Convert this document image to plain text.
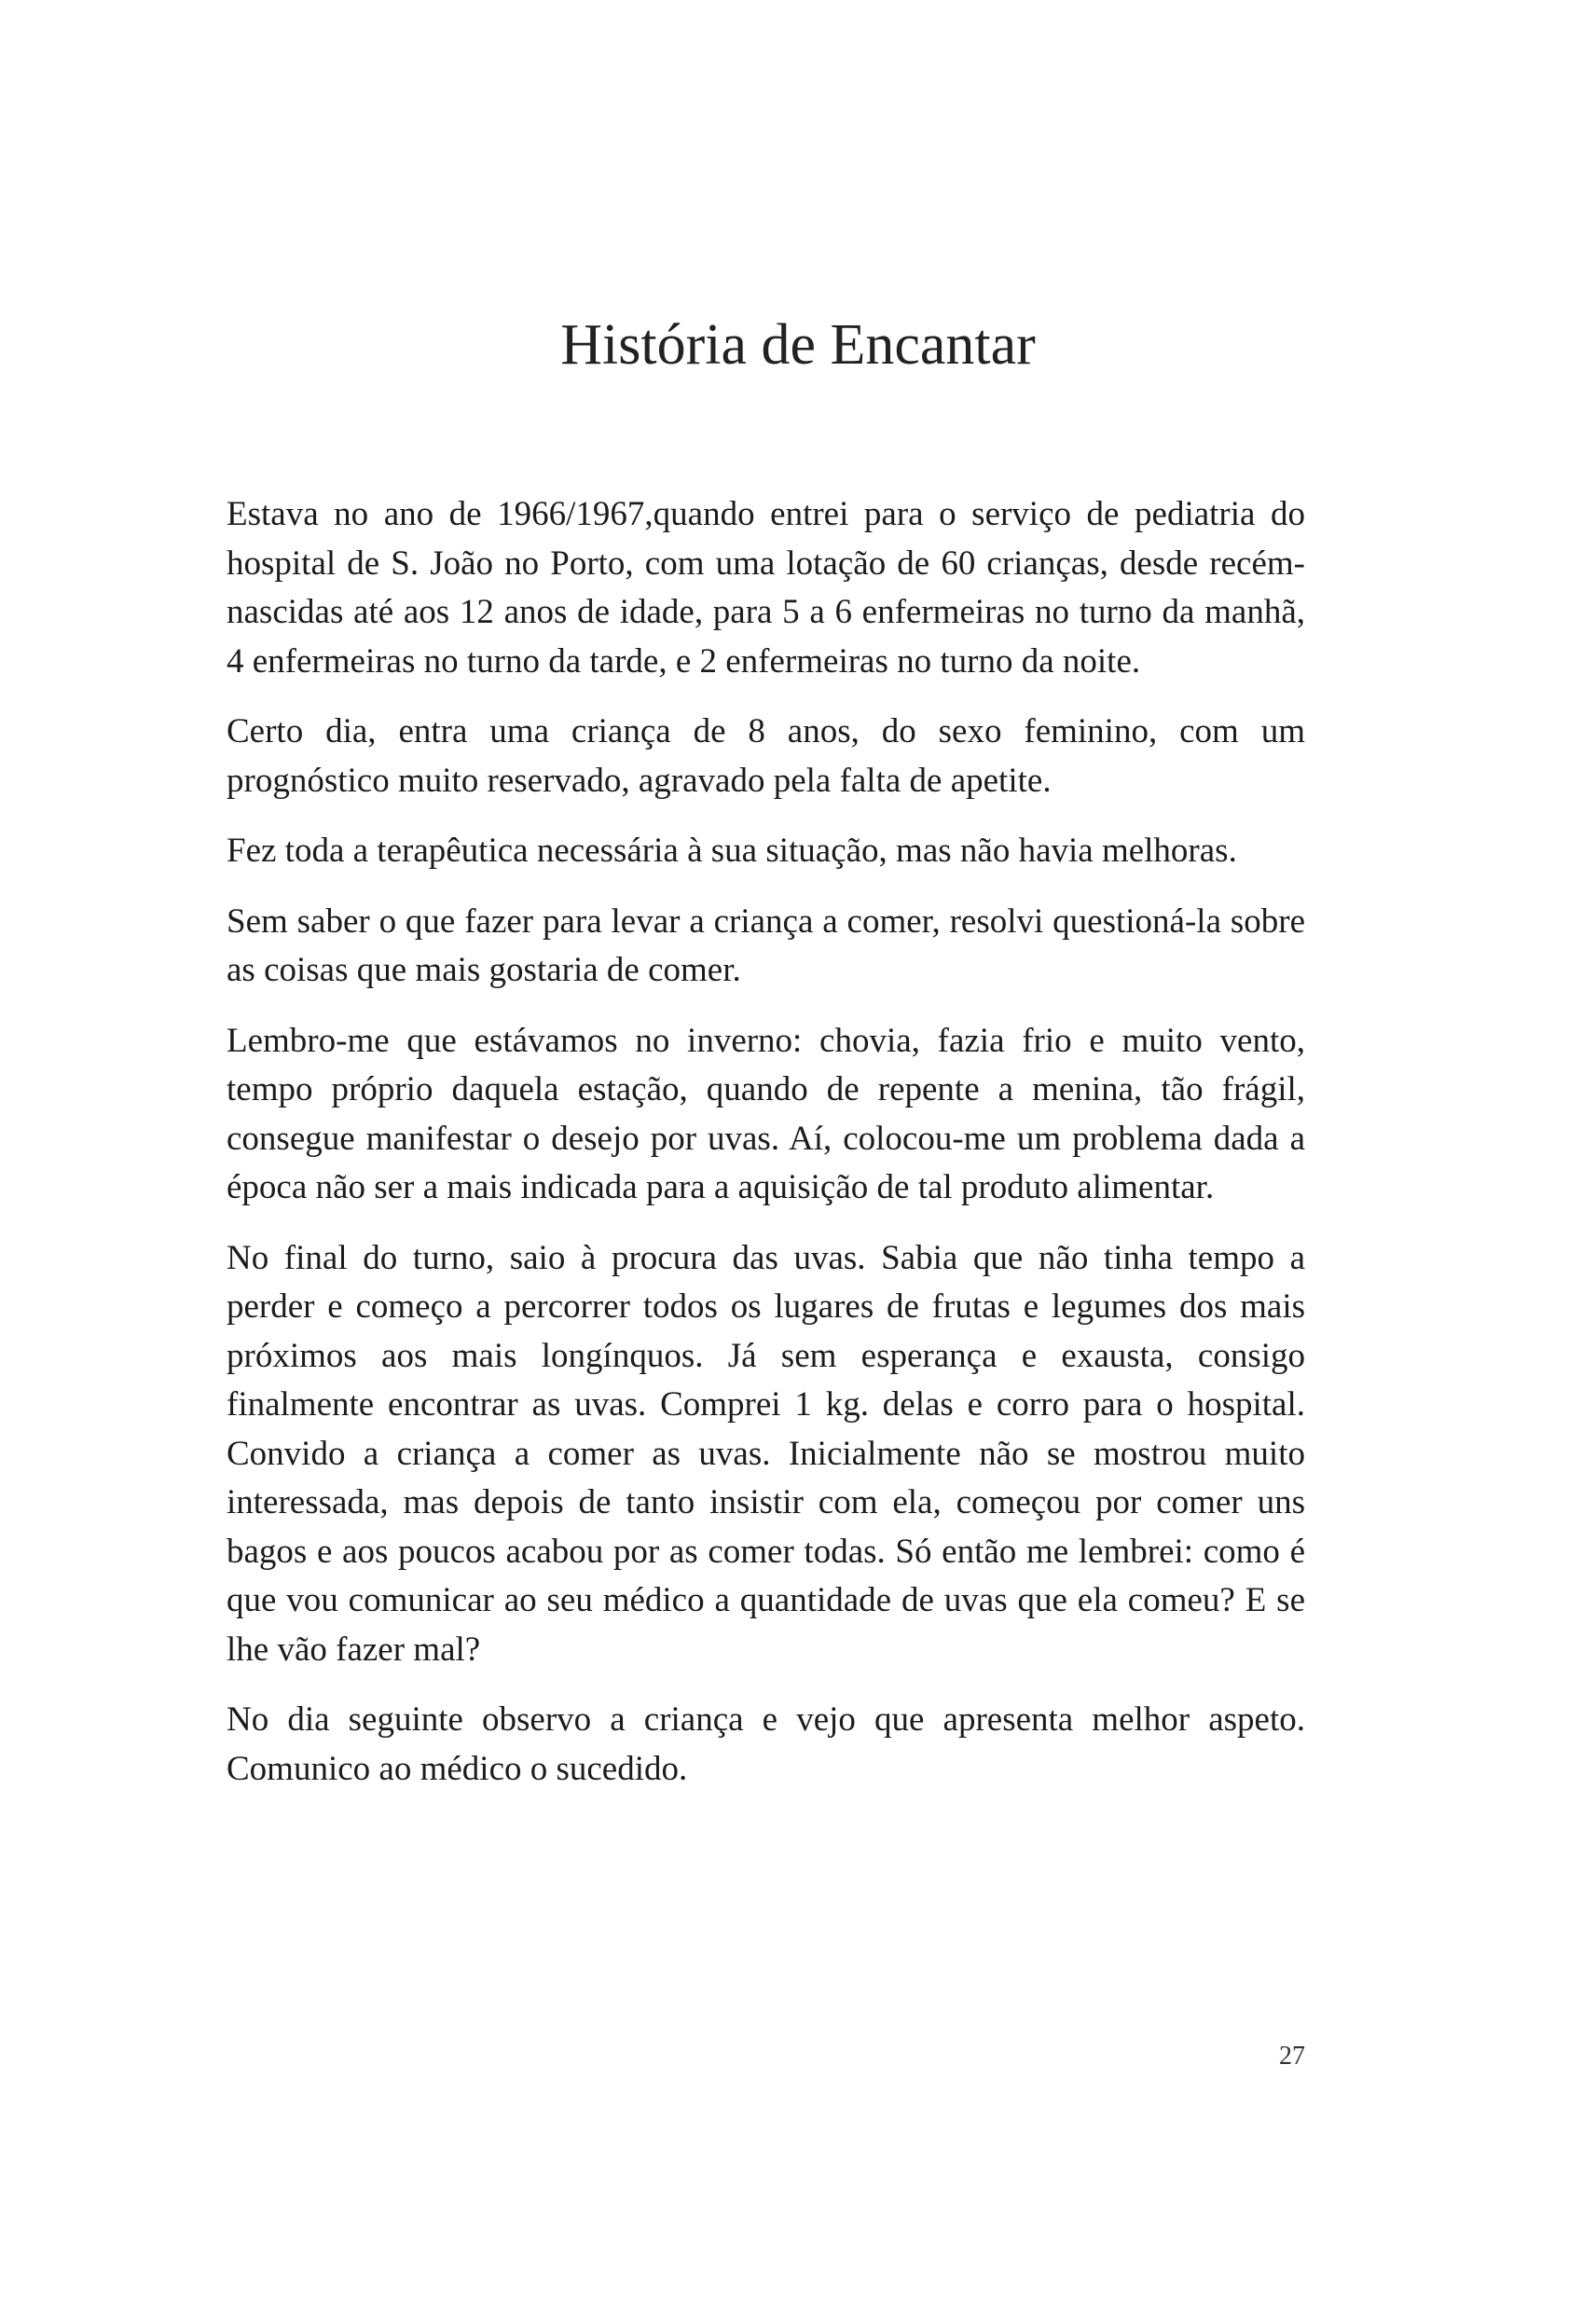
História de Encantar

Estava no ano de 1966/1967,quando entrei para o serviço de pediatria do hospital de S. João no Porto, com uma lotação de 60 crianças, desde recém-nascidas até aos 12 anos de idade, para 5 a 6 enfermeiras no turno da manhã, 4 enfermeiras no turno da tarde, e 2 enfermeiras no turno da noite.

Certo dia, entra uma criança de 8 anos, do sexo feminino, com um prognóstico muito reservado, agravado pela falta de apetite.

Fez toda a terapêutica necessária à sua situação, mas não havia melhoras.

Sem saber o que fazer para levar a criança a comer, resolvi questioná-la sobre as coisas que mais gostaria de comer.

Lembro-me que estávamos no inverno: chovia, fazia frio e muito vento, tempo próprio daquela estação, quando de repente a menina, tão frágil, consegue manifestar o desejo por uvas. Aí, colocou-me um problema dada a época não ser a mais indicada para a aquisição de tal produto alimentar.

No final do turno, saio à procura das uvas. Sabia que não tinha tempo a perder e começo a percorrer todos os lugares de frutas e legumes dos mais próximos aos mais longínquos. Já sem esperança e exausta, consigo finalmente encontrar as uvas. Comprei 1 kg. delas e corro para o hospital. Convido a criança a comer as uvas. Inicialmente não se mostrou muito interessada, mas depois de tanto insistir com ela, começou por comer uns bagos e aos poucos acabou por as comer todas. Só então me lembrei: como é que vou comunicar ao seu médico a quantidade de uvas que ela comeu? E se lhe vão fazer mal?

No dia seguinte observo a criança e vejo que apresenta melhor aspeto. Comunico ao médico o sucedido.

27
